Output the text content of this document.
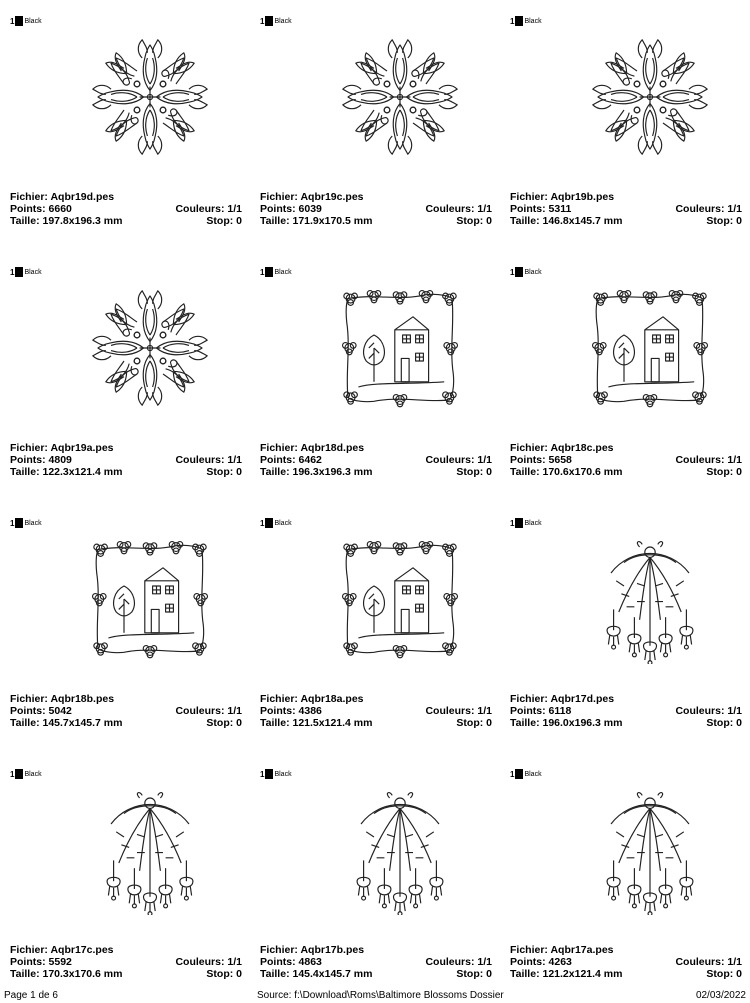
1 Black
Fichier: Aqbr19d.pes
Points: 6660	Couleurs: 1/1
Taille: 197.8x196.3 mm	Stop: 0
1 Black
Fichier: Aqbr19c.pes
Points: 6039	Couleurs: 1/1
Taille: 171.9x170.5 mm	Stop: 0
1 Black
Fichier: Aqbr19b.pes
Points: 5311	Couleurs: 1/1
Taille: 146.8x145.7 mm	Stop: 0
1 Black
Fichier: Aqbr19a.pes
Points: 4809	Couleurs: 1/1
Taille: 122.3x121.4 mm	Stop: 0
1 Black
Fichier: Aqbr18d.pes
Points: 6462	Couleurs: 1/1
Taille: 196.3x196.3 mm	Stop: 0
1 Black
Fichier: Aqbr18c.pes
Points: 5658	Couleurs: 1/1
Taille: 170.6x170.6 mm	Stop: 0
1 Black
Fichier: Aqbr18b.pes
Points: 5042	Couleurs: 1/1
Taille: 145.7x145.7 mm	Stop: 0
1 Black
Fichier: Aqbr18a.pes
Points: 4386	Couleurs: 1/1
Taille: 121.5x121.4 mm	Stop: 0
1 Black
Fichier: Aqbr17d.pes
Points: 6118	Couleurs: 1/1
Taille: 196.0x196.3 mm	Stop: 0
1 Black
Fichier: Aqbr17c.pes
Points: 5592	Couleurs: 1/1
Taille: 170.3x170.6 mm	Stop: 0
1 Black
Fichier: Aqbr17b.pes
Points: 4863	Couleurs: 1/1
Taille: 145.4x145.7 mm	Stop: 0
1 Black
Fichier: Aqbr17a.pes
Points: 4263	Couleurs: 1/1
Taille: 121.2x121.4 mm	Stop: 0
Page 1 de 6	Source: f:\Download\Roms\Baltimore Blossoms Dossier	02/03/2022
